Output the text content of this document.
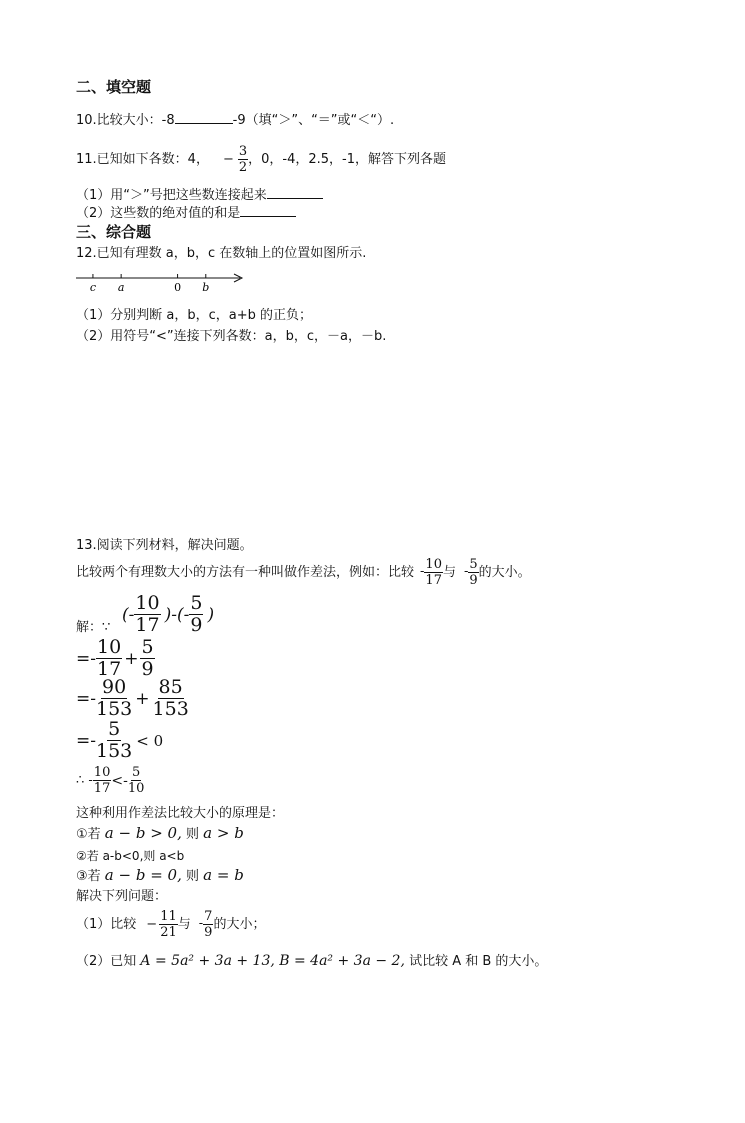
二、填空题
10.比较大小：-8	-9（填“＞”、“＝”或“＜“）.
11.已知如下各数：4， − $\frac{3}{2}$ ，0，-4，2.5，-1，解答下列各题
（1）用“＞”号把这些数连接起来
（2）这些数的绝对值的和是
三、综合题
12.已知有理数 a，b，c 在数轴上的位置如图所示.
c a	0 b
（1）分别判断 a，b，c，a+b 的正负；
（2）用符号“<”连接下列各数：a，b，c，－a，－b.
13.阅读下列材料，解决问题。
比较两个有理数大小的方法有一种叫做作差法，例如：比较 - $\frac{10}{17}$ 与 - $\frac{5}{9}$ 的大小。
解：∵
(- $\frac{10}{17}$ )-(- $\frac{5}{9}$ )
=- $\frac{10}{17} + \frac{5}{9}$
=- $\frac{90}{153} + \frac{85}{153}$
=- $\frac{5}{153} < 0$
∴ - $\frac{10}{17} <- \frac{5}{10}$
这种利用作差法比较大小的原理是：
①若 a − b > 0, 则 a > b
②若 a-b<0,则 a<b
③若 a − b = 0, 则 a = b
解决下列问题：
（1）比较 − $\frac{11}{21}$ 与 - $\frac{7}{9}$ 的大小；
（2）已知 A = 5a² + 3a + 13, B = 4a² + 3a − 2, 试比较 A 和 B 的大小。
